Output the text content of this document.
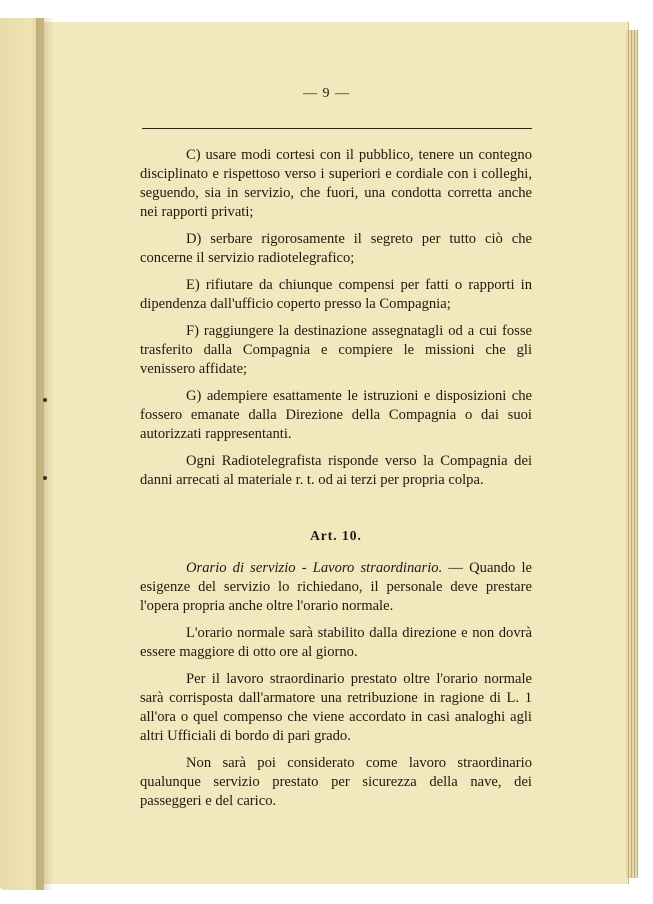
— 9 —

C) usare modi cortesi con il pubblico, tenere un contegno disciplinato e rispettoso verso i superiori e cordiale con i colleghi, seguendo, sia in servizio, che fuori, una condotta corretta anche nei rapporti privati;

D) serbare rigorosamente il segreto per tutto ciò che concerne il servizio radiotelegrafico;

E) rifiutare da chiunque compensi per fatti o rapporti in dipendenza dall'ufficio coperto presso la Compagnia;

F) raggiungere la destinazione assegnatagli od a cui fosse trasferito dalla Compagnia e compiere le missioni che gli venissero affidate;

G) adempiere esattamente le istruzioni e disposizioni che fossero emanate dalla Direzione della Compagnia o dai suoi autorizzati rappresentanti.

Ogni Radiotelegrafista risponde verso la Compagnia dei danni arrecati al materiale r. t. od ai terzi per propria colpa.

Art. 10.

Orario di servizio - Lavoro straordinario. — Quando le esigenze del servizio lo richiedano, il personale deve prestare l'opera propria anche oltre l'orario normale.

L'orario normale sarà stabilito dalla direzione e non dovrà essere maggiore di otto ore al giorno.

Per il lavoro straordinario prestato oltre l'orario normale sarà corrisposta dall'armatore una retribuzione in ragione di L. 1 all'ora o quel compenso che viene accordato in casi analoghi agli altri Ufficiali di bordo di pari grado.

Non sarà poi considerato come lavoro straordinario qualunque servizio prestato per sicurezza della nave, dei passeggeri e del carico.
